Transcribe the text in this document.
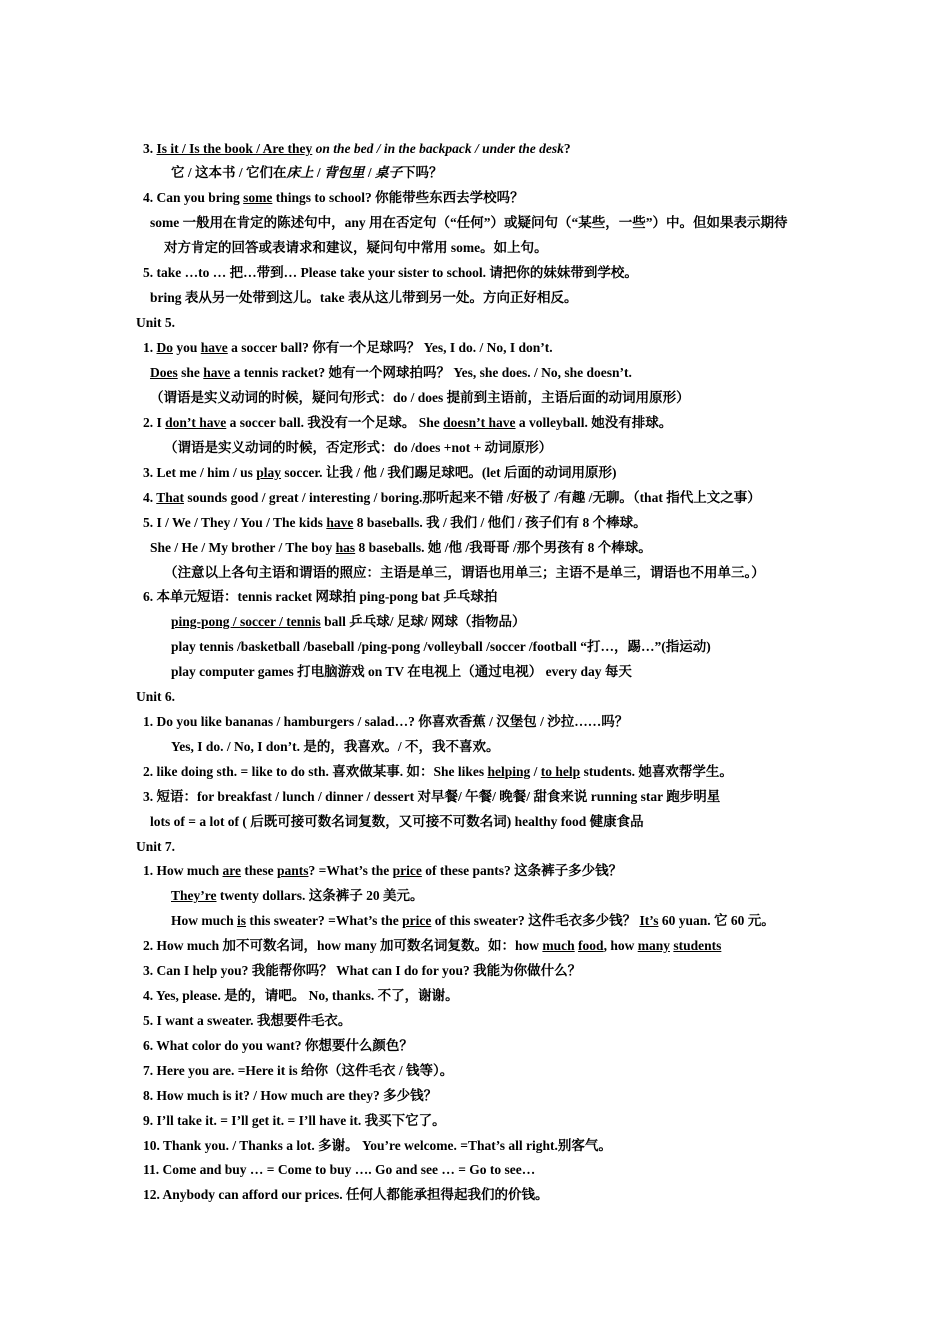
3. Is it / Is the book / Are they on the bed / in the backpack / under the desk?
它 / 这本书 / 它们在床上 / 背包里 / 桌子下吗？
4. Can you bring some things to school? 你能带些东西去学校吗？
some 一般用在肯定的陈述句中，any 用在否定句（“任何”）或疑问句（“某些，一些”）中。但如果表示期待
对方肯定的回答或表请求和建议，疑问句中常用 some。如上句。
5. take …to … 把…带到… Please take your sister to school. 请把你的妹妹带到学校。
bring 表从另一处带到这儿。take 表从这儿带到另一处。方向正好相反。
Unit 5.
1. Do you have a soccer ball? 你有一个足球吗？ Yes, I do. / No, I don’t.
Does she have a tennis racket? 她有一个网球拍吗？ Yes, she does. / No, she doesn’t.
（谓语是实义动词的时候，疑问句形式：do / does 提前到主语前，主语后面的动词用原形）
2. I don’t have a soccer ball. 我没有一个足球。 She doesn’t have a volleyball. 她没有排球。
（谓语是实义动词的时候，否定形式：do /does +not + 动词原形）
3. Let me / him / us play soccer. 让我 / 他 / 我们踢足球吧。(let 后面的动词用原形)
4. That sounds good / great / interesting / boring.那听起来不错 /好极了 /有趣 /无聊。（that 指代上文之事）
5. I / We / They / You / The kids have 8 baseballs. 我 / 我们 / 他们 / 孩子们有 8 个棒球。
She / He / My brother / The boy has 8 baseballs. 她 /他 /我哥哥 /那个男孩有 8 个棒球。
（注意以上各句主语和谓语的照应：主语是单三，谓语也用单三；主语不是单三，谓语也不用单三。）
6. 本单元短语：tennis racket 网球拍 ping-pong bat 乒乓球拍
ping-pong / soccer / tennis ball 乒乓球/ 足球/ 网球（指物品）
play tennis /basketball /baseball /ping-pong /volleyball /soccer /football “打…，踢…”(指运动)
play computer games 打电脑游戏 on TV 在电视上（通过电视） every day 每天
Unit 6.
1. Do you like bananas / hamburgers / salad…? 你喜欢香蕉 / 汉堡包 / 沙拉……吗？
Yes, I do. / No, I don’t. 是的，我喜欢。/ 不，我不喜欢。
2. like doing sth. = like to do sth. 喜欢做某事. 如：She likes helping / to help students. 她喜欢帮学生。
3. 短语：for breakfast / lunch / dinner / dessert 对早餐/ 午餐/ 晚餐/ 甜食来说 running star 跑步明星
lots of = a lot of ( 后既可接可数名词复数，又可接不可数名词) healthy food 健康食品
Unit 7.
1. How much are these pants? =What’s the price of these pants? 这条裤子多少钱？
They’re twenty dollars. 这条裤子 20 美元。
How much is this sweater? =What’s the price of this sweater? 这件毛衣多少钱？ It’s 60 yuan. 它 60 元。
2. How much 加不可数名词，how many 加可数名词复数。如：how much food, how many students
3. Can I help you? 我能帮你吗？ What can I do for you? 我能为你做什么？
4. Yes, please. 是的，请吧。 No, thanks. 不了，谢谢。
5. I want a sweater. 我想要件毛衣。
6. What color do you want? 你想要什么颜色？
7. Here you are. =Here it is 给你（这件毛衣 / 钱等）。
8. How much is it? / How much are they? 多少钱？
9. I’ll take it. = I’ll get it. = I’ll have it. 我买下它了。
10. Thank you. / Thanks a lot. 多谢。 You’re welcome. =That’s all right.别客气。
11. Come and buy … = Come to buy …. Go and see … = Go to see…
12. Anybody can afford our prices. 任何人都能承担得起我们的价钱。
